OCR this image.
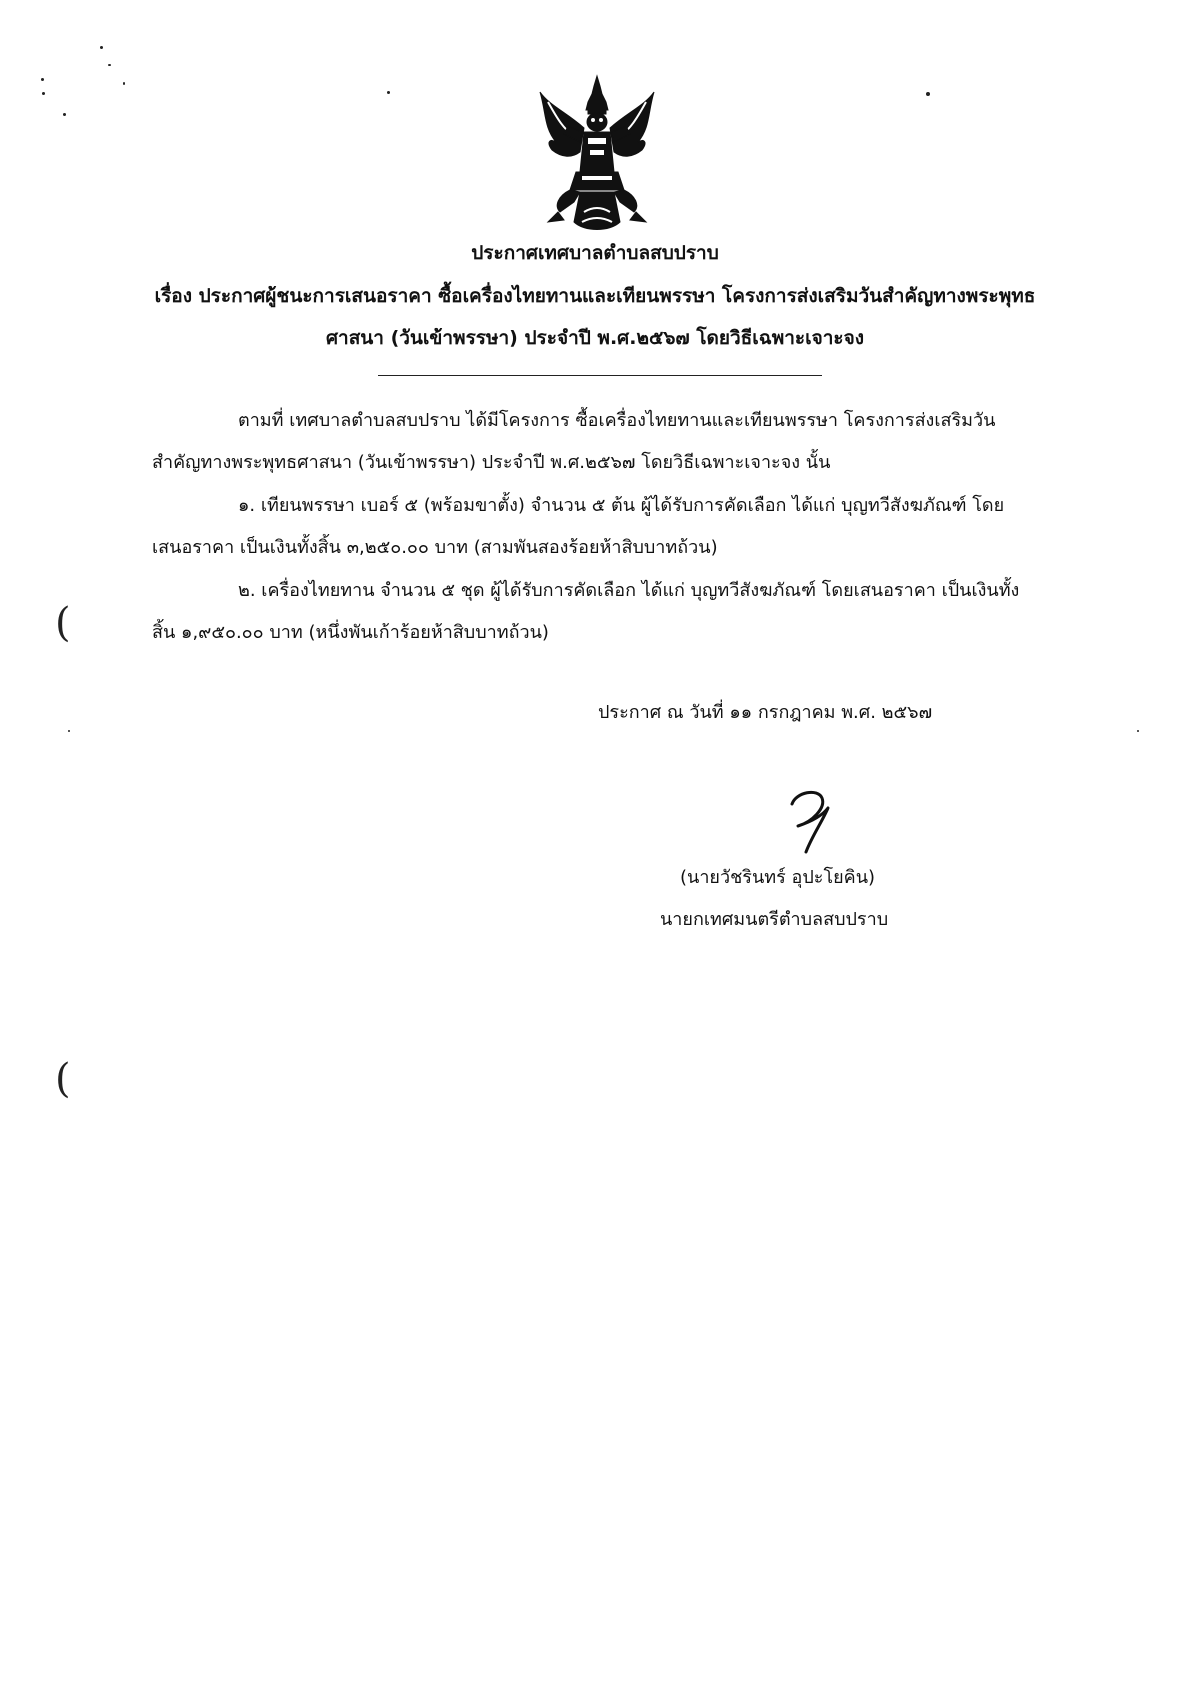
(
(
ประกาศเทศบาลตำบลสบปราบ
เรื่อง ประกาศผู้ชนะการเสนอราคา ซื้อเครื่องไทยทานและเทียนพรรษา โครงการส่งเสริมวันสำคัญทางพระพุทธ
ศาสนา (วันเข้าพรรษา) ประจำปี พ.ศ.๒๕๖๗ โดยวิธีเฉพาะเจาะจง
ตามที่ เทศบาลตำบลสบปราบ ได้มีโครงการ ซื้อเครื่องไทยทานและเทียนพรรษา โครงการส่งเสริมวัน
สำคัญทางพระพุทธศาสนา (วันเข้าพรรษา) ประจำปี พ.ศ.๒๕๖๗ โดยวิธีเฉพาะเจาะจง นั้น
๑. เทียนพรรษา เบอร์ ๕ (พร้อมขาตั้ง) จำนวน ๕ ต้น ผู้ได้รับการคัดเลือก ได้แก่ บุญทวีสังฆภัณฑ์ โดย
เสนอราคา เป็นเงินทั้งสิ้น ๓,๒๕๐.๐๐ บาท (สามพันสองร้อยห้าสิบบาทถ้วน)
๒. เครื่องไทยทาน จำนวน ๕ ชุด ผู้ได้รับการคัดเลือก ได้แก่ บุญทวีสังฆภัณฑ์ โดยเสนอราคา เป็นเงินทั้ง
สิ้น ๑,๙๕๐.๐๐ บาท (หนึ่งพันเก้าร้อยห้าสิบบาทถ้วน)
ประกาศ ณ วันที่ ๑๑ กรกฎาคม พ.ศ. ๒๕๖๗
(นายวัชรินทร์ อุปะโยคิน)
นายกเทศมนตรีตำบลสบปราบ
